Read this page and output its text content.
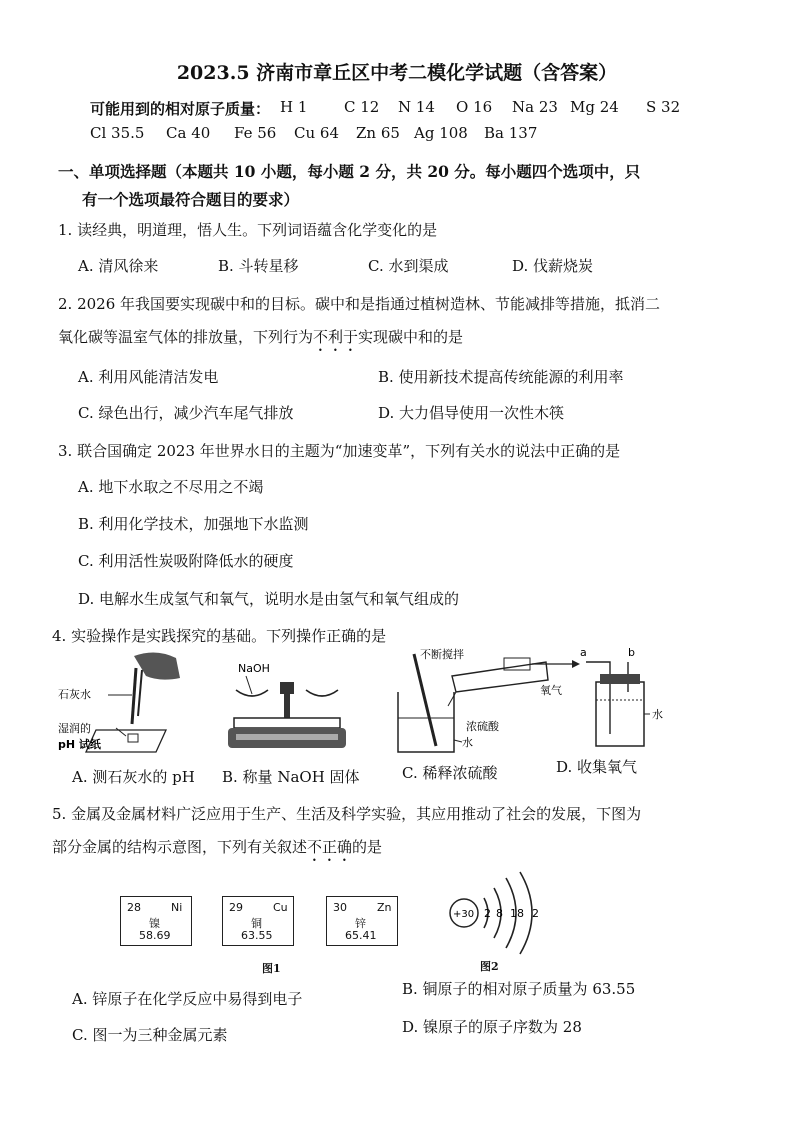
2023.5 济南市章丘区中考二模化学试题（含答案）
可能用到的相对原子质量： H 1 C 12 N 14 O 16 Na 23 Mg 24 S 32
Cl 35.5 Ca 40 Fe 56 Cu 64 Zn 65 Ag 108 Ba 137
一、单项选择题（本题共 10 小题，每小题 2 分，共 20 分。每小题四个选项中，只
有一个选项最符合题目的要求）
1. 读经典，明道理，悟人生。下列词语蕴含化学变化的是
A. 清风徐来	B. 斗转星移	C. 水到渠成	D. 伐薪烧炭
2. 2026 年我国要实现碳中和的目标。碳中和是指通过植树造林、节能减排等措施，抵消二
氧化碳等温室气体的排放量，下列行为不利于实现碳中和的是
A. 利用风能清洁发电	B. 使用新技术提高传统能源的利用率
C. 绿色出行，减少汽车尾气排放	D. 大力倡导使用一次性木筷
3. 联合国确定 2023 年世界水日的主题为“加速变革”，下列有关水的说法中正确的是
A. 地下水取之不尽用之不竭
B. 利用化学技术，加强地下水监测
C. 利用活性炭吸附降低水的硬度
D. 电解水生成氢气和氧气，说明水是由氢气和氧气组成的
4. 实验操作是实践探究的基础。下列操作正确的是
石灰水
湿润的
pH 试纸
NaOH
不断搅拌
浓硫酸
水
a	b
氧气
水
A. 测石灰水的 pH B. 称量 NaOH 固体	C. 稀释浓硫酸	D. 收集氧气
5. 金属及金属材料广泛应用于生产、生活及科学实验，其应用推动了社会的发展，下图为
部分金属的结构示意图，下列有关叙述不正确的是
28	Ni
镍
58.69
29	Cu
铜
63.55
30	Zn
锌
65.41
+30 2 8 18 2
图1	图2
A. 锌原子在化学反应中易得到电子
B. 铜原子的相对原子质量为 63.55
C. 图一为三种金属元素	D. 镍原子的原子序数为 28
